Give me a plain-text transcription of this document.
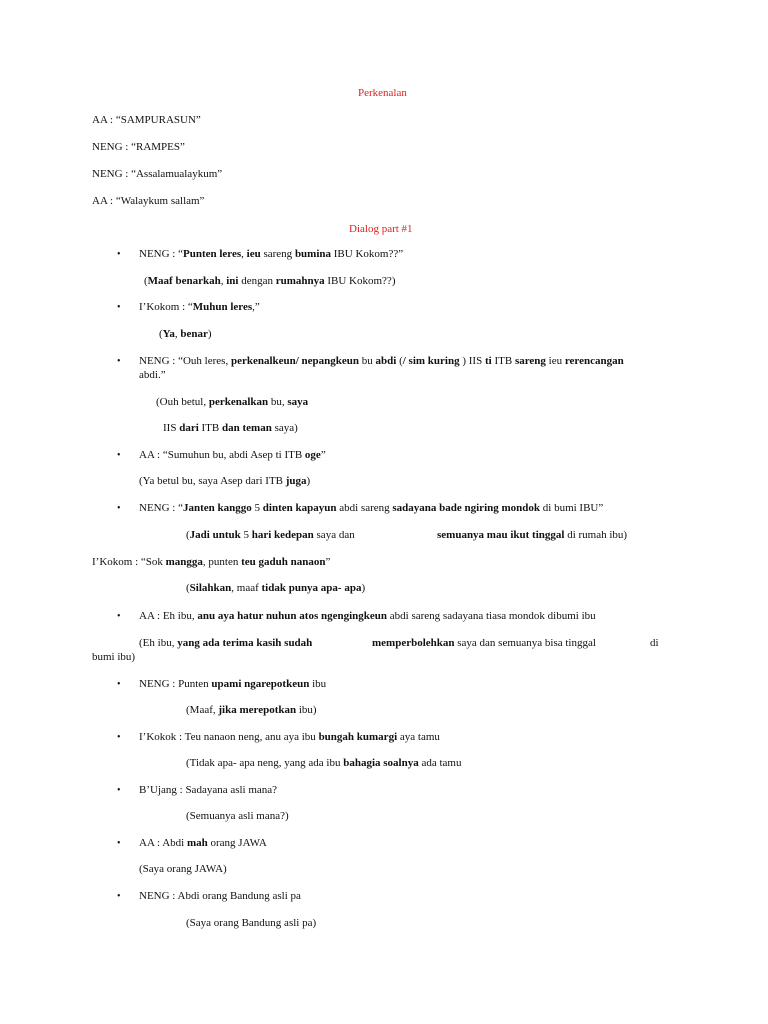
Perkenalan
Dialog part #1
AA : “SAMPURASUN”
NENG : “RAMPES”
NENG : “Assalamualaykum”
AA : “Walaykum sallam”
•
•
•
•
•
•
•
•
•
•
•
NENG : “Punten leres, ieu sareng bumina IBU Kokom??”
(Maaf benarkah, ini dengan rumahnya IBU Kokom??)
I’Kokom : “Muhun leres,”
(Ya, benar)
NENG : “Ouh leres, perkenalkeun/ nepangkeun bu abdi (/ sim kuring ) IIS ti ITB sareng ieu rerencangan
abdi.”
(Ouh betul, perkenalkan bu, saya
IIS dari ITB dan teman saya)
AA : “Sumuhun bu, abdi Asep ti ITB oge”
(Ya betul bu, saya Asep dari ITB juga)
NENG : “Janten kanggo 5 dinten kapayun abdi sareng sadayana bade ngiring mondok di bumi IBU”
(Jadi untuk 5 hari kedepan saya dan	semuanya mau ikut tinggal di rumah ibu)
I’Kokom : “Sok mangga, punten teu gaduh nanaon”
(Silahkan, maaf tidak punya apa- apa)
AA : Eh ibu, anu aya hatur nuhun atos ngengingkeun abdi sareng sadayana tiasa mondok dibumi ibu
(Eh ibu, yang ada terima kasih sudah	memperbolehkan saya dan semuanya bisa tinggal	di
bumi ibu)
NENG : Punten upami ngarepotkeun ibu
(Maaf, jika merepotkan ibu)
I’Kokok : Teu nanaon neng, anu aya ibu bungah kumargi aya tamu
(Tidak apa- apa neng, yang ada ibu bahagia soalnya ada tamu
B’Ujang : Sadayana asli mana?
(Semuanya asli mana?)
AA : Abdi mah orang JAWA
(Saya orang JAWA)
NENG : Abdi orang Bandung asli pa
(Saya orang Bandung asli pa)
